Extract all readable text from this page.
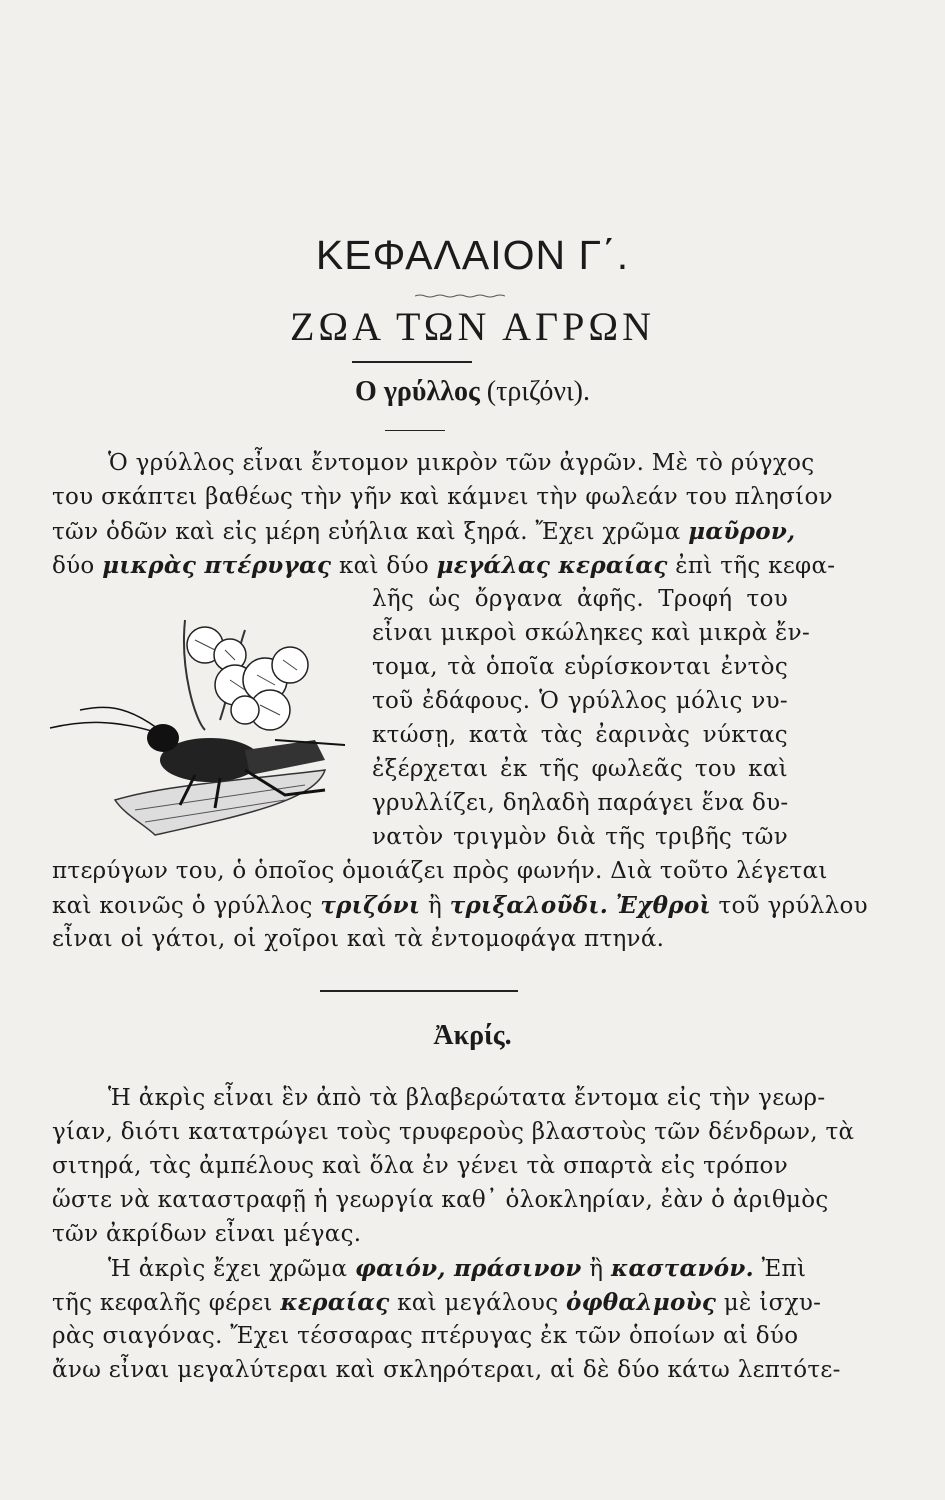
ΚΕΦΑΛΑΙΟΝ Γ΄.
ΖΩΑ ΤΩΝ ΑΓΡΩΝ
Ο γρύλλος (τριζόνι).
Ὁ γρύλλος εἶναι ἔντομον μικρὸν τῶν ἀγρῶν. Μὲ τὸ ρύγχος
του σκάπτει βαθέως τὴν γῆν καὶ κάμνει τὴν φωλεάν του πλησίον
τῶν ὁδῶν καὶ εἰς μέρη εὐήλια καὶ ξηρά. Ἔχει χρῶμα μαῦρον,
δύο μικρὰς πτέρυγας καὶ δύο μεγάλας κεραίας ἐπὶ τῆς κεφα-
λῆς ὡς ὄργανα ἀφῆς. Τροφή του
εἶναι μικροὶ σκώληκες καὶ μικρὰ ἔν-
τομα, τὰ ὁποῖα εὑρίσκονται ἐντὸς
τοῦ ἐδάφους. Ὁ γρύλλος μόλις νυ-
κτώσῃ, κατὰ τὰς ἐαρινὰς νύκτας
ἐξέρχεται ἐκ τῆς φωλεᾶς του καὶ
γρυλλίζει, δηλαδὴ παράγει ἕνα δυ-
νατὸν τριγμὸν διὰ τῆς τριβῆς τῶν
πτερύγων του, ὁ ὁποῖος ὁμοιάζει πρὸς φωνήν. Διὰ τοῦτο λέγεται
καὶ κοινῶς ὁ γρύλλος τριζόνι ἢ τριξαλοῦδι. Ἐχθροὶ τοῦ γρύλλου
εἶναι οἱ γάτοι, οἱ χοῖροι καὶ τὰ ἐντομοφάγα πτηνά.
Ἀκρίς.
Ἡ ἀκρὶς εἶναι ἓν ἀπὸ τὰ βλαβερώτατα ἔντομα εἰς τὴν γεωρ-
γίαν, διότι κατατρώγει τοὺς τρυφεροὺς βλαστοὺς τῶν δένδρων, τὰ
σιτηρά, τὰς ἀμπέλους καὶ ὅλα ἐν γένει τὰ σπαρτὰ εἰς τρόπον
ὥστε νὰ καταστραφῇ ἡ γεωργία καθ᾿ ὁλοκληρίαν, ἐὰν ὁ ἀριθμὸς
τῶν ἀκρίδων εἶναι μέγας.
Ἡ ἀκρὶς ἔχει χρῶμα φαιόν, πράσινον ἢ καστανόν. Ἐπὶ
τῆς κεφαλῆς φέρει κεραίας καὶ μεγάλους ὀφθαλμοὺς μὲ ἰσχυ-
ρὰς σιαγόνας. Ἔχει τέσσαρας πτέρυγας ἐκ τῶν ὁποίων αἱ δύο
ἄνω εἶναι μεγαλύτεραι καὶ σκληρότεραι, αἱ δὲ δύο κάτω λεπτότε-
